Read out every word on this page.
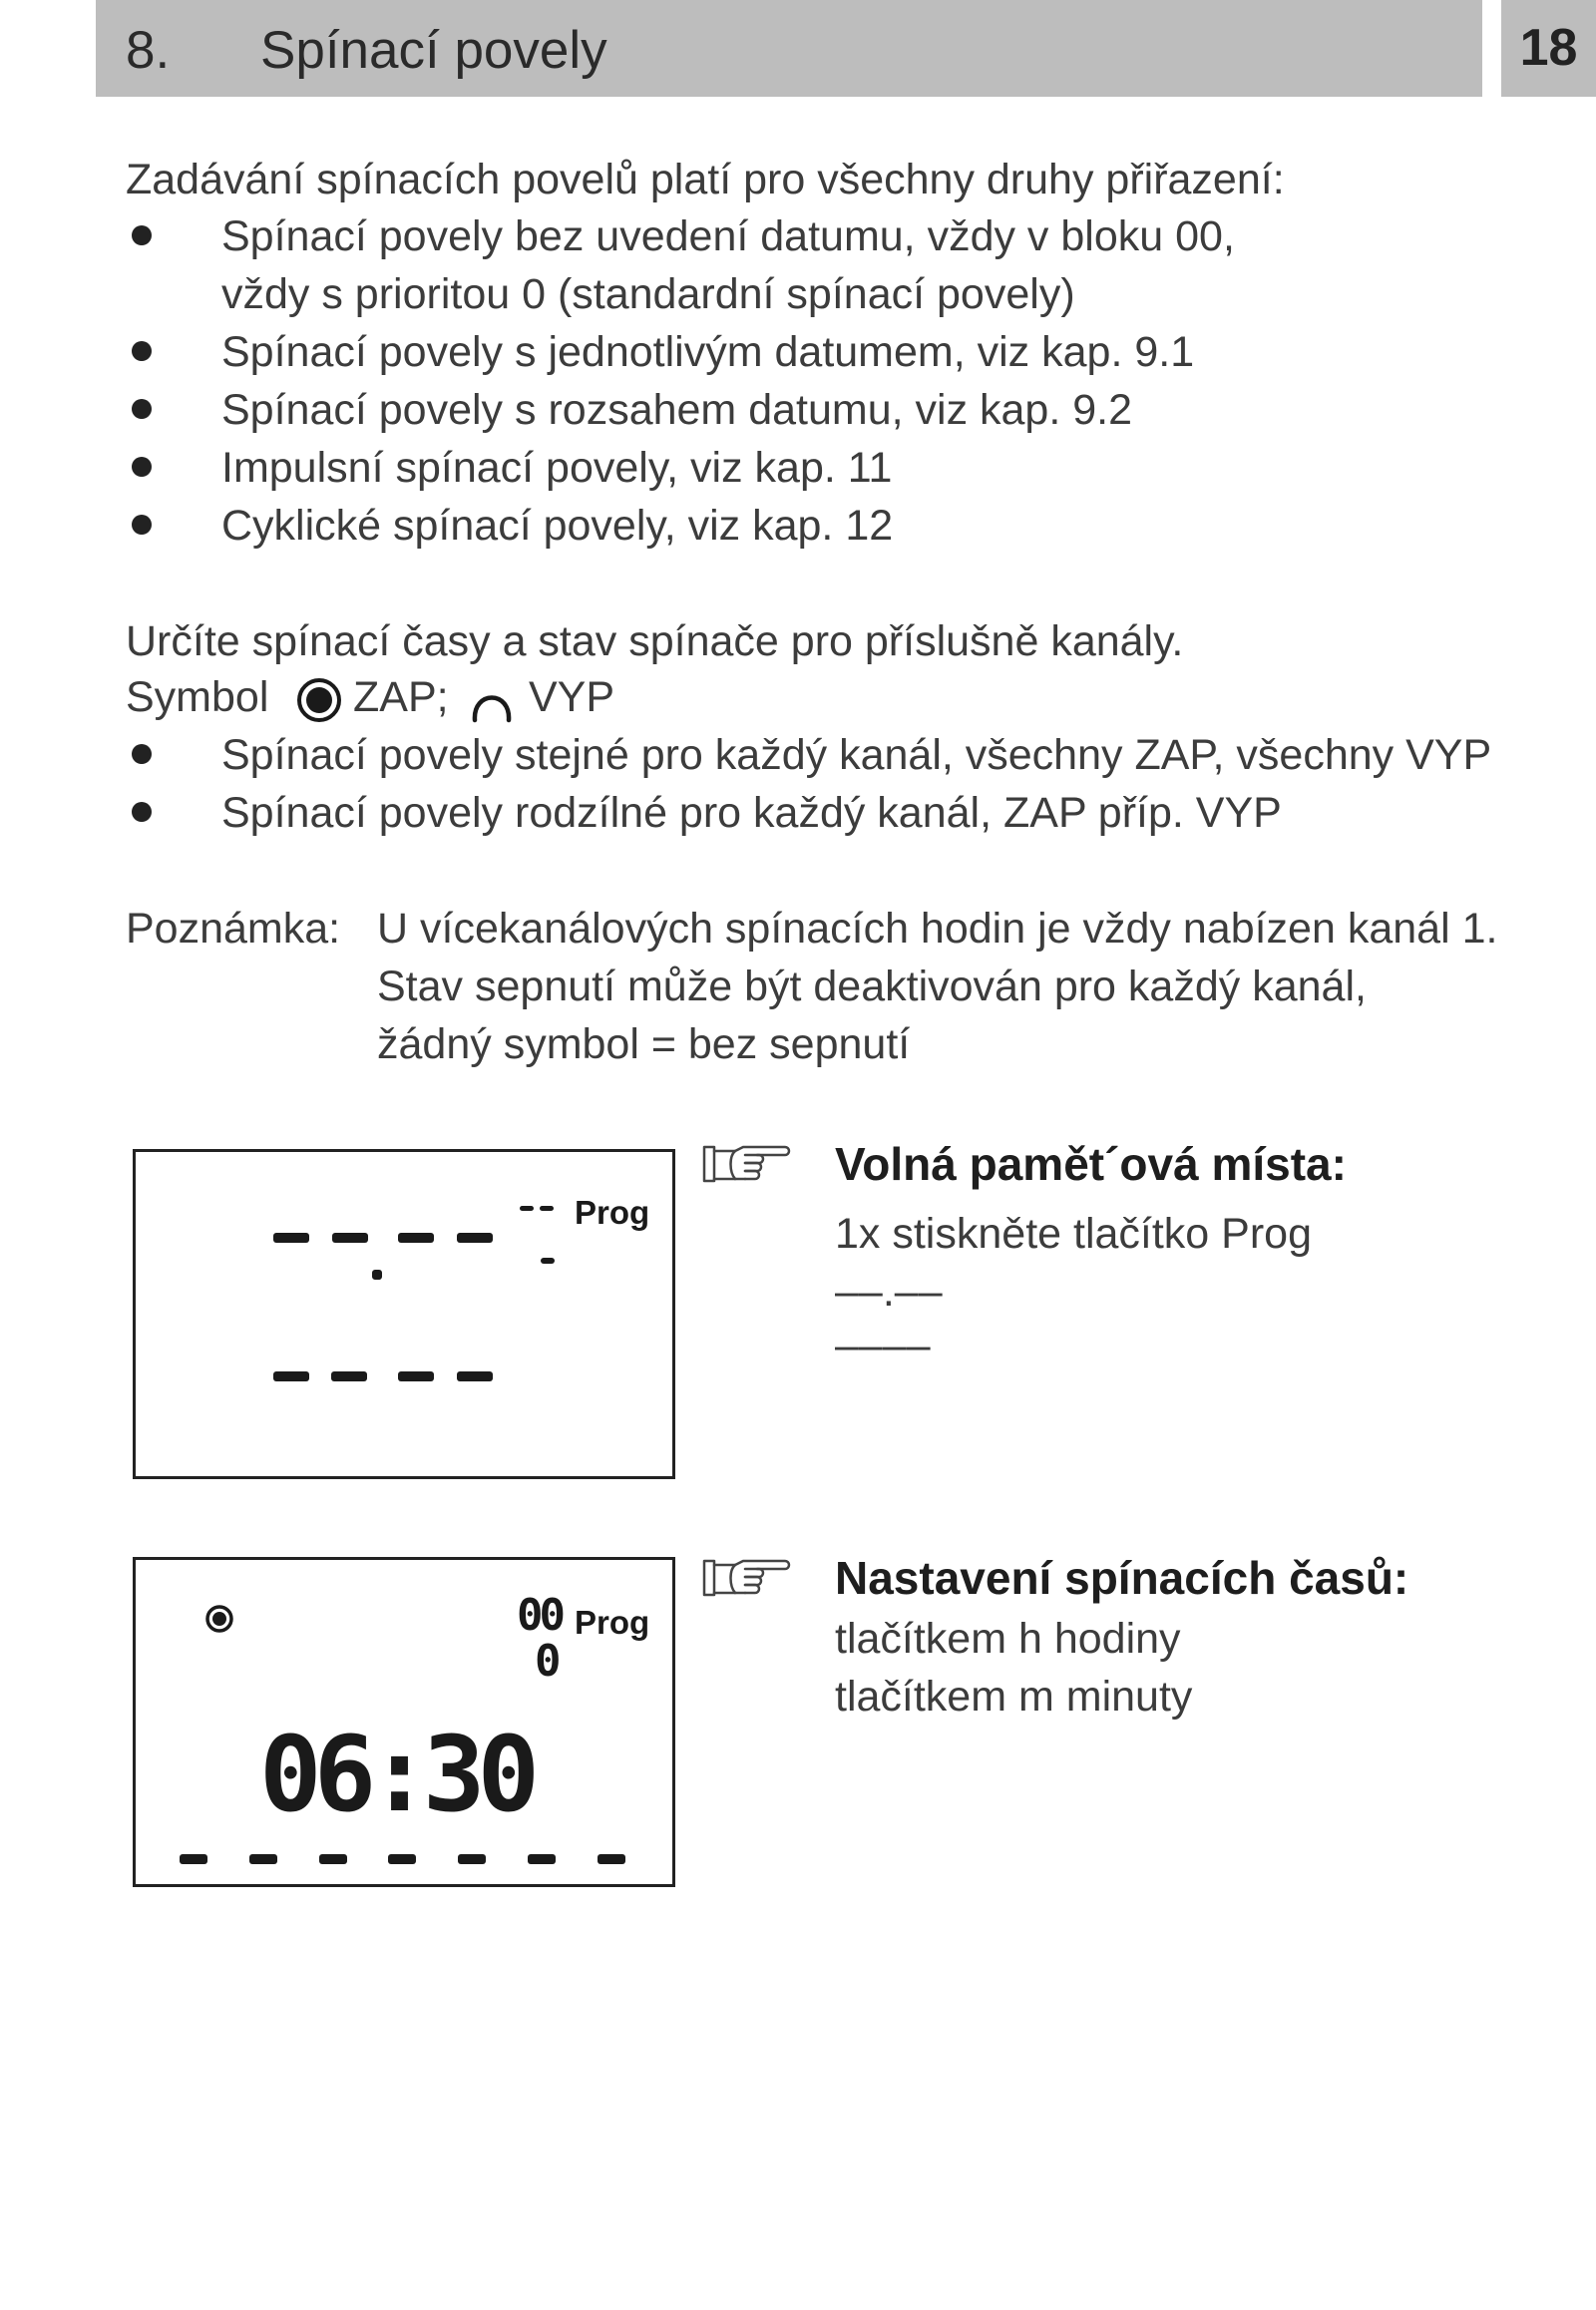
8. Spínací povely	18
Zadávání spínacích povelů platí pro všechny druhy přiřazení:
Spínací povely bez uvedení datumu, vždy v bloku 00,
vždy s prioritou 0 (standardní spínací povely)
Spínací povely s jednotlivým datumem, viz kap. 9.1
Spínací povely s rozsahem datumu, viz kap. 9.2
Impulsní spínací povely, viz kap. 11
Cyklické spínací povely, viz kap. 12
Určíte spínací časy a stav spínače pro příslušně kanály.
Symbol ZAP; VYP
Spínací povely stejné pro každý kanál, všechny ZAP, všechny VYP
Spínací povely rodzílné pro každý kanál, ZAP příp. VYP
Poznámka: U vícekanálových spínacích hodin je vždy nabízen kanál 1.
Stav sepnutí může být deaktivován pro každý kanál,
žádný symbol = bez sepnutí
Prog
Volná pamět´ová místa:
1x stiskněte tlačítko Prog
––.––
––––
00 Prog
0
06:30
Nastavení spínacích časů:
tlačítkem h hodiny
tlačítkem m minuty
